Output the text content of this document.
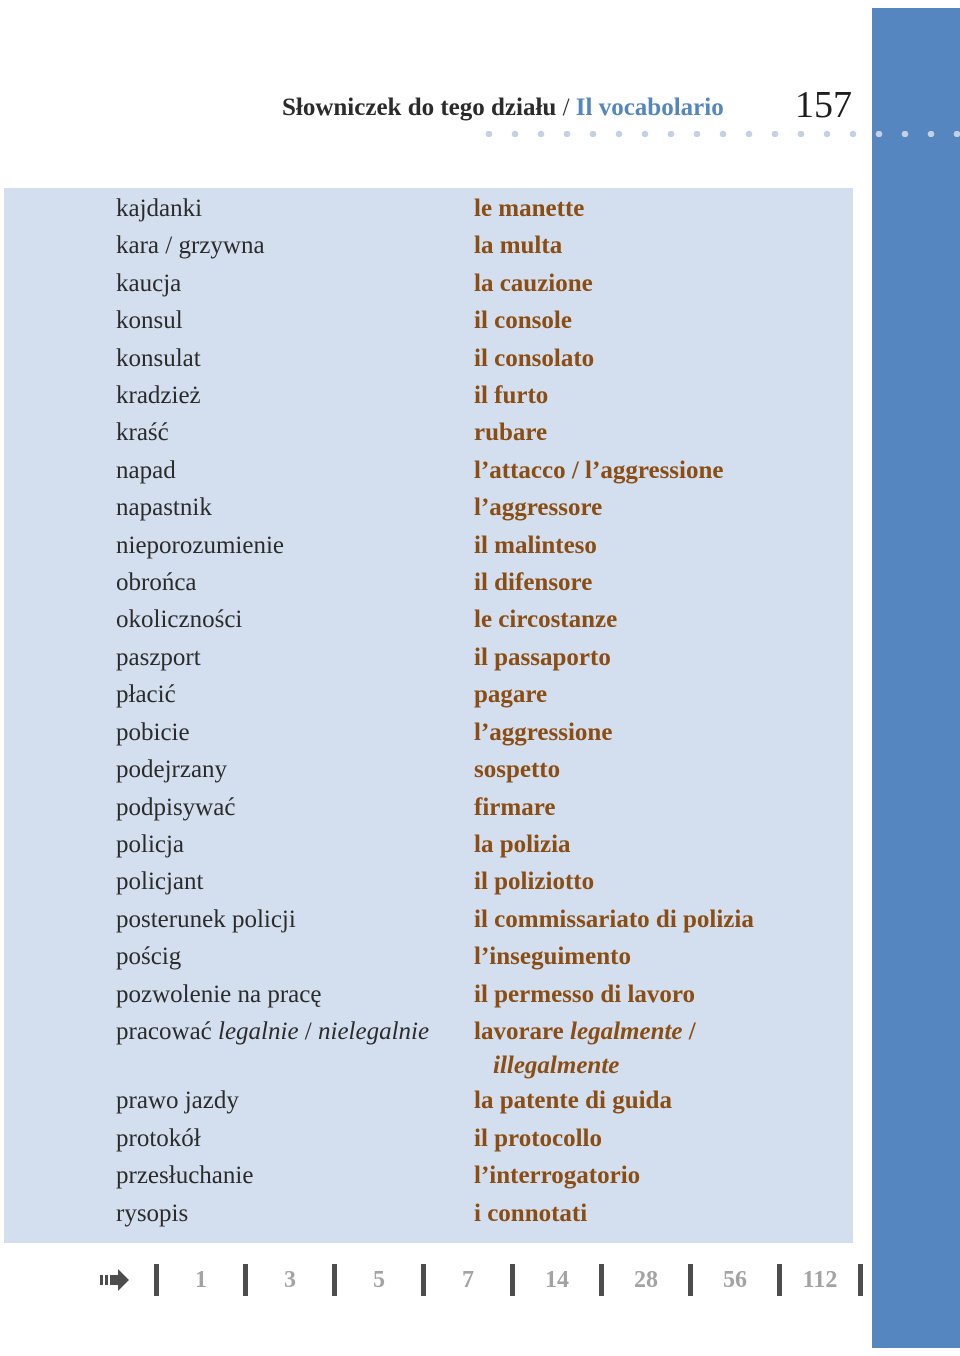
Słowniczek do tego działu / Il vocabolario 157
kajdanki	le manette
kara / grzywna	la multa
kaucja	la cauzione
konsul	il console
konsulat	il consolato
kradzież	il furto
kraść	rubare
napad	l’attacco / l’aggressione
napastnik	l’aggressore
nieporozumienie	il malinteso
obrońca	il difensore
okoliczności	le circostanze
paszport	il passaporto
płacić	pagare
pobicie	l’aggressione
podejrzany	sospetto
podpisywać	firmare
policja	la polizia
policjant	il poliziotto
posterunek policji	il commissariato di polizia
pościg	l’inseguimento
pozwolenie na pracę	il permesso di lavoro
pracować legalnie / nielegalnie	lavorare legalmente /
illegalmente
prawo jazdy	la patente di guida
protokół	il protocollo
przesłuchanie	l’interrogatorio
rysopis	i connotati
1	3	5	7	14	28	56	112
